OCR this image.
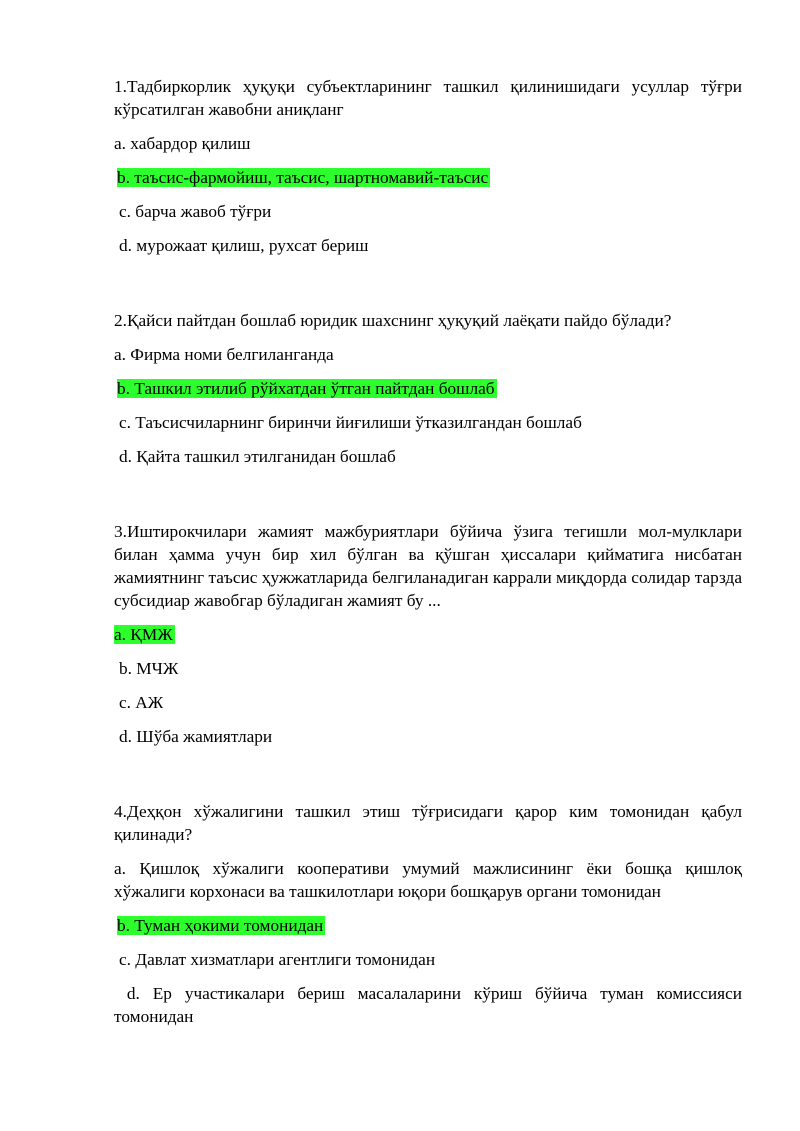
1.Тадбиркорлик ҳуқуқи субъектларининг ташкил қилинишидаги усуллар тўғри кўрсатилган жавобни аниқланг

a. хабардор қилиш

b. таъсис-фармойиш, таъсис, шартномавий-таъсис

c. барча жавоб тўғри

d. мурожаат қилиш, рухсат бериш

2.Қайси пайтдан бошлаб юридик шахснинг ҳуқуқий лаёқати пайдо бўлади?

a. Фирма номи белгиланганда

b. Ташкил этилиб рўйхатдан ўтган пайтдан бошлаб

c. Таъсисчиларнинг биринчи йиғилиши ўтказилгандан бошлаб

d. Қайта ташкил этилганидан бошлаб

3.Иштирокчилари жамият мажбуриятлари бўйича ўзига тегишли мол-мулклари билан ҳамма учун бир хил бўлган ва қўшган ҳиссалари қийматига нисбатан жамиятнинг таъсис ҳужжатларида белгиланадиган каррали миқдорда солидар тарзда субсидиар жавобгар бўладиган жамият бу ...

a. ҚМЖ

b. МЧЖ

c. АЖ

d. Шўба жамиятлари

4.Деҳқон хўжалигини ташкил этиш тўғрисидаги қарор ким томонидан қабул қилинади?

a. Қишлоқ хўжалиги кооперативи умумий мажлисининг ёки бошқа қишлоқ хўжалиги корхонаси ва ташкилотлари юқори бошқарув органи томонидан

b. Туман ҳокими томонидан

c. Давлат хизматлари агентлиги томонидан

d. Ер участикалари бериш масалаларини кўриш бўйича туман комиссияси томонидан
